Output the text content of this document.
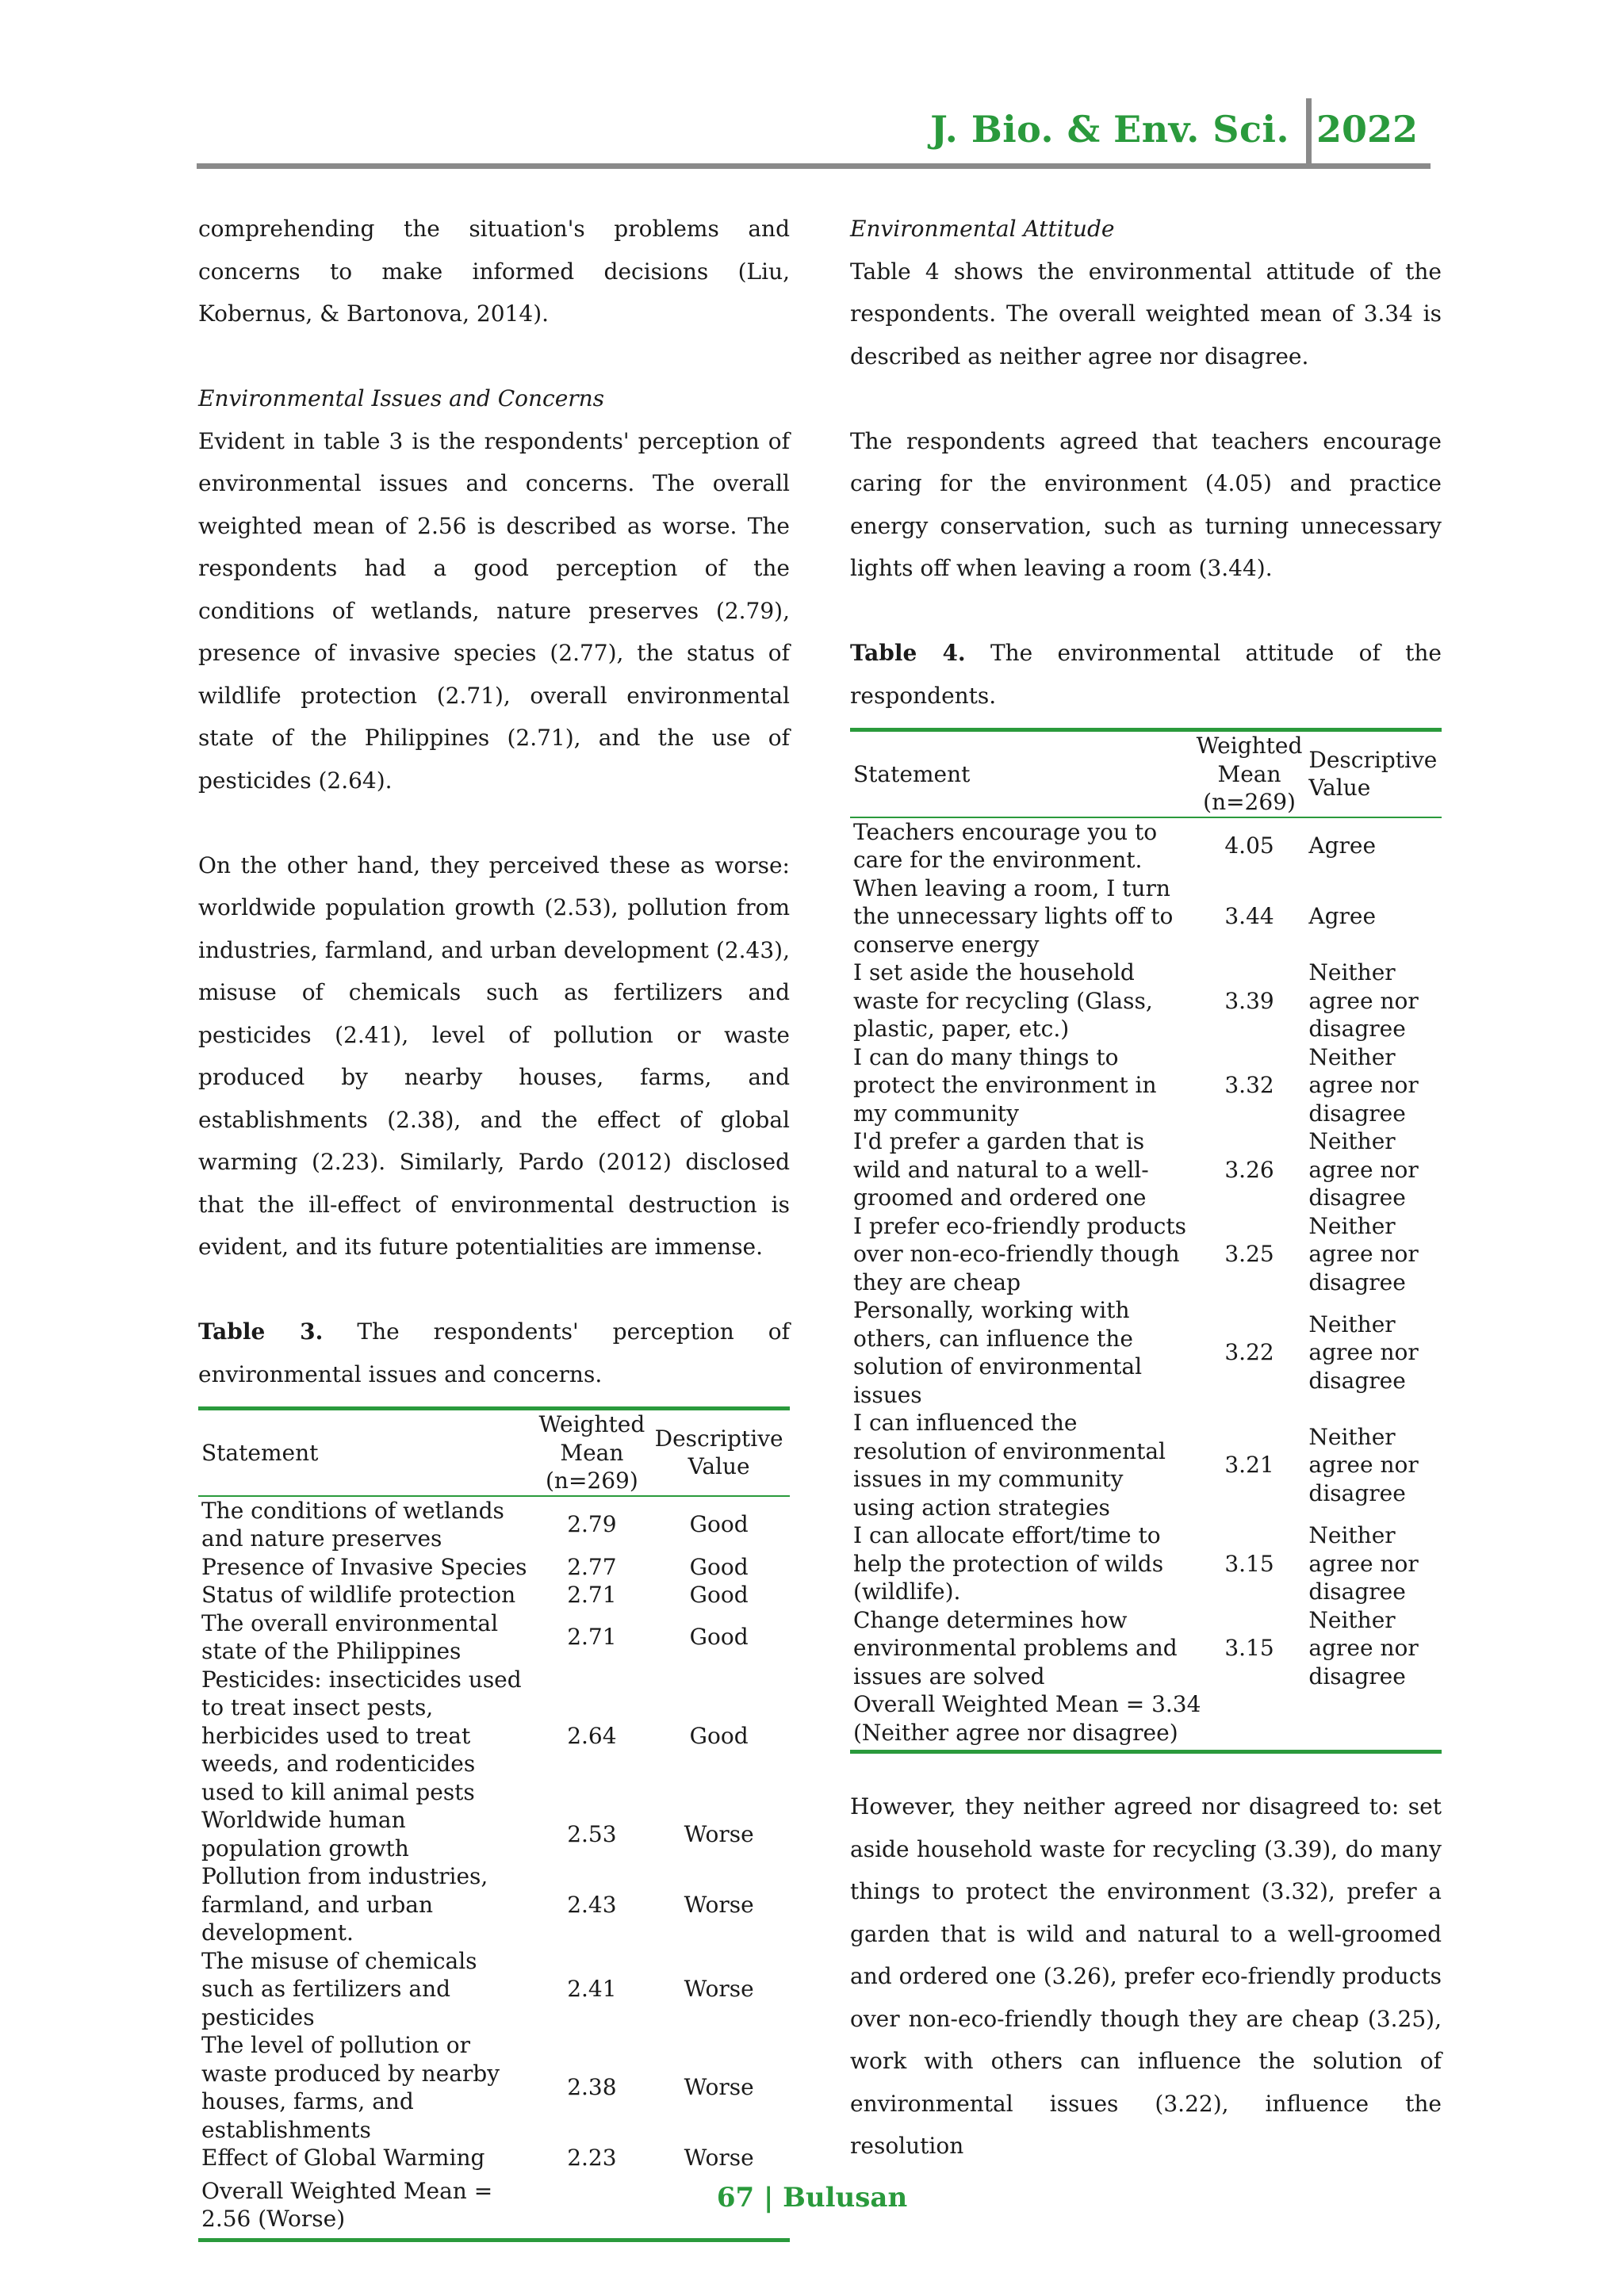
J. Bio. & Env. Sci. 2022

comprehending the situation's problems and concerns to make informed decisions (Liu, Kobernus, & Bartonova, 2014).

Environmental Issues and Concerns

Evident in table 3 is the respondents' perception of environmental issues and concerns. The overall weighted mean of 2.56 is described as worse. The respondents had a good perception of the conditions of wetlands, nature preserves (2.79), presence of invasive species (2.77), the status of wildlife protection (2.71), overall environmental state of the Philippines (2.71), and the use of pesticides (2.64).

On the other hand, they perceived these as worse: worldwide population growth (2.53), pollution from industries, farmland, and urban development (2.43), misuse of chemicals such as fertilizers and pesticides (2.41), level of pollution or waste produced by nearby houses, farms, and establishments (2.38), and the effect of global warming (2.23). Similarly, Pardo (2012) disclosed that the ill-effect of environmental destruction is evident, and its future potentialities are immense.

Table 3. The respondents' perception of environmental issues and concerns.

Statement	Weighted Mean (n=269)	Descriptive Value
The conditions of wetlands and nature preserves	2.79	Good
Presence of Invasive Species	2.77	Good
Status of wildlife protection	2.71	Good
The overall environmental state of the Philippines	2.71	Good
Pesticides: insecticides used to treat insect pests, herbicides used to treat weeds, and rodenticides used to kill animal pests	2.64	Good
Worldwide human population growth	2.53	Worse
Pollution from industries, farmland, and urban development.	2.43	Worse
The misuse of chemicals such as fertilizers and pesticides	2.41	Worse
The level of pollution or waste produced by nearby houses, farms, and establishments	2.38	Worse
Effect of Global Warming	2.23	Worse
Overall Weighted Mean = 2.56 (Worse)		

Environmental Attitude

Table 4 shows the environmental attitude of the respondents. The overall weighted mean of 3.34 is described as neither agree nor disagree.

The respondents agreed that teachers encourage caring for the environment (4.05) and practice energy conservation, such as turning unnecessary lights off when leaving a room (3.44).

Table 4. The environmental attitude of the respondents.

Statement	Weighted Mean (n=269)	Descriptive Value
Teachers encourage you to care for the environment.	4.05	Agree
When leaving a room, I turn the unnecessary lights off to conserve energy	3.44	Agree
I set aside the household waste for recycling (Glass, plastic, paper, etc.)	3.39	Neither agree nor disagree
I can do many things to protect the environment in my community	3.32	Neither agree nor disagree
I'd prefer a garden that is wild and natural to a well-groomed and ordered one	3.26	Neither agree nor disagree
I prefer eco-friendly products over non-eco-friendly though they are cheap	3.25	Neither agree nor disagree
Personally, working with others, can influence the solution of environmental issues	3.22	Neither agree nor disagree
I can influenced the resolution of environmental issues in my community using action strategies	3.21	Neither agree nor disagree
I can allocate effort/time to help the protection of wilds (wildlife).	3.15	Neither agree nor disagree
Change determines how environmental problems and issues are solved	3.15	Neither agree nor disagree
Overall Weighted Mean = 3.34 (Neither agree nor disagree)		

However, they neither agreed nor disagreed to: set aside household waste for recycling (3.39), do many things to protect the environment (3.32), prefer a garden that is wild and natural to a well-groomed and ordered one (3.26), prefer eco-friendly products over non-eco-friendly though they are cheap (3.25), work with others can influence the solution of environmental issues (3.22), influence the resolution

67 | Bulusan
